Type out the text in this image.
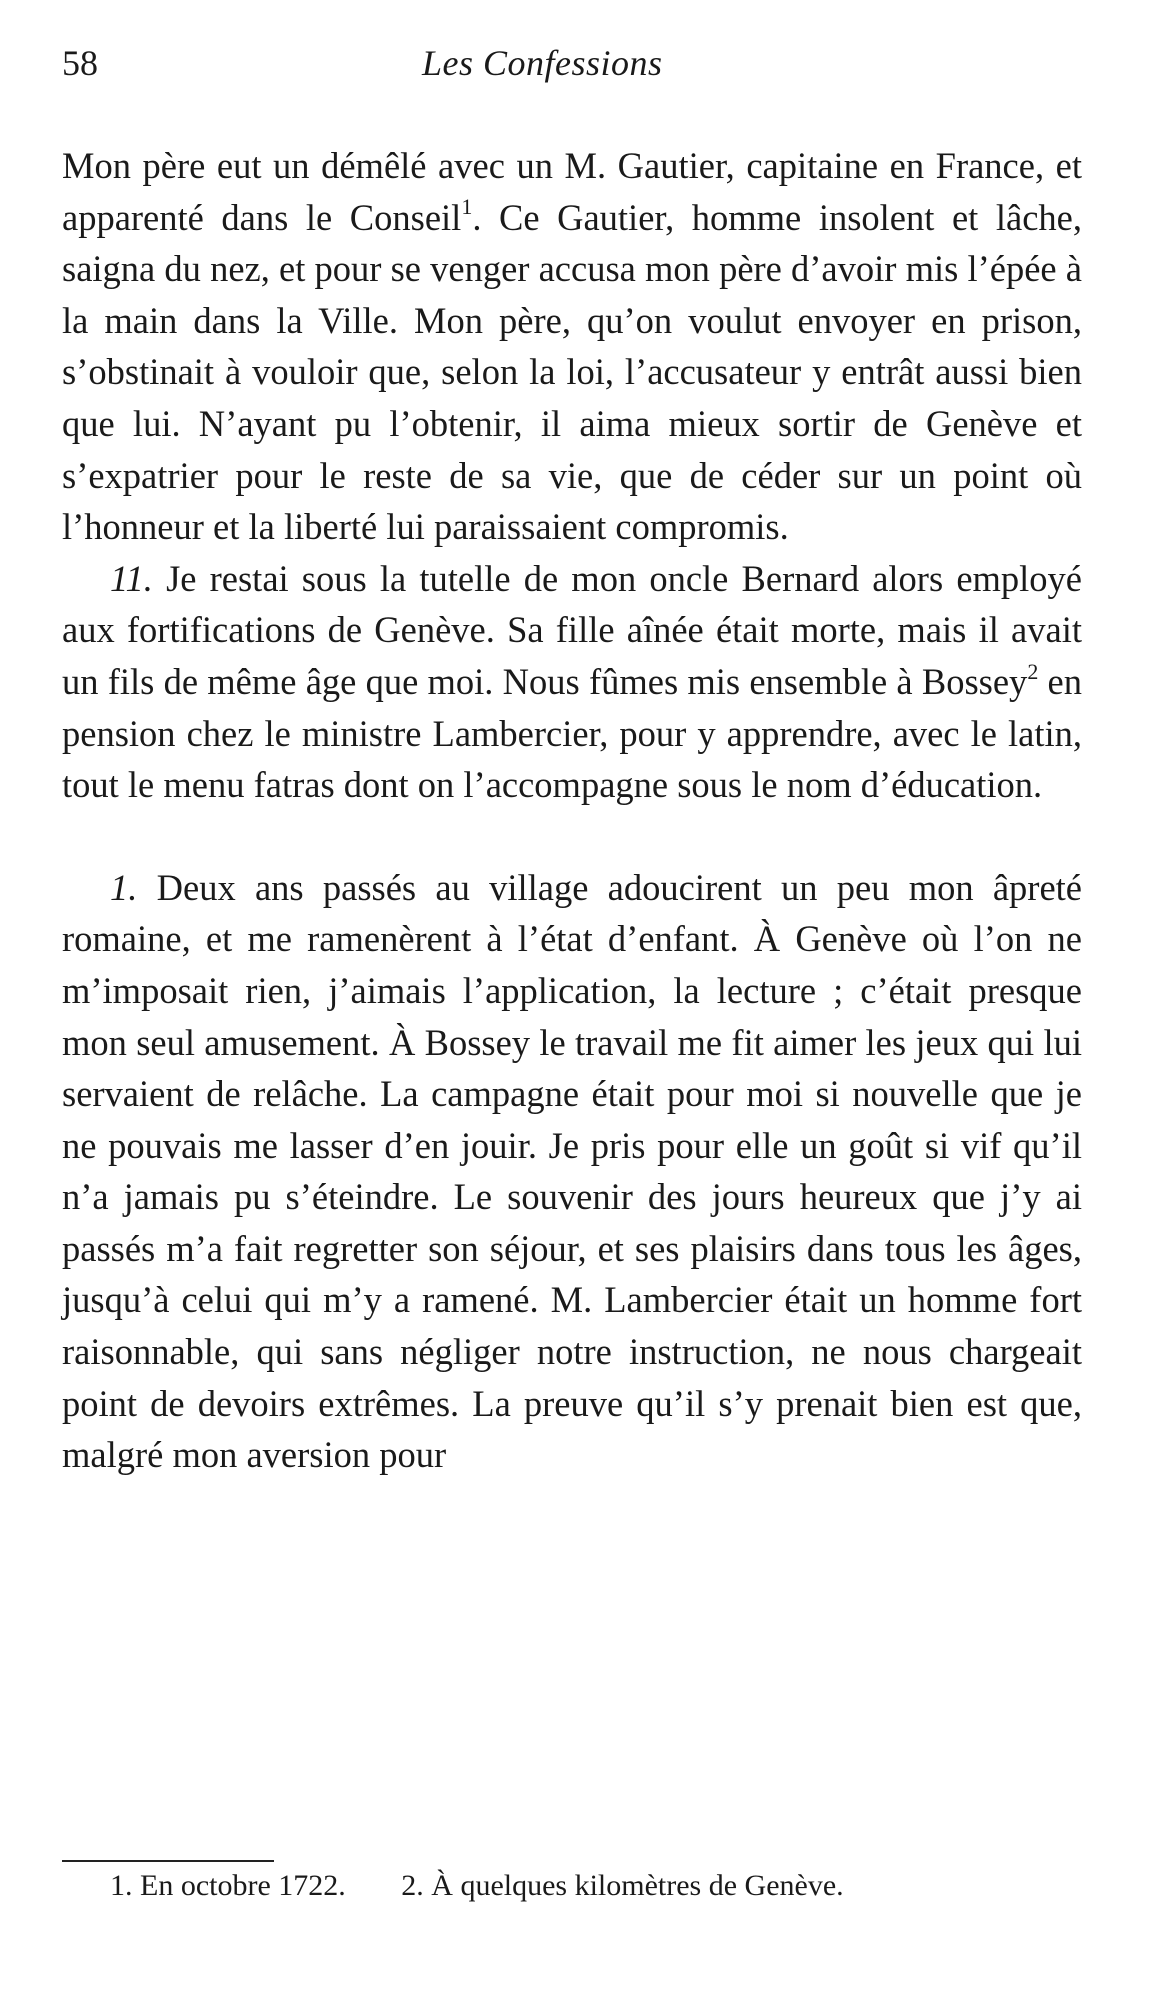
58	Les Confessions

Mon père eut un démêlé avec un M. Gautier, capitaine en France, et apparenté dans le Conseil$^1$. Ce Gautier, homme insolent et lâche, saigna du nez, et pour se venger accusa mon père d’avoir mis l’épée à la main dans la Ville. Mon père, qu’on voulut envoyer en prison, s’obstinait à vouloir que, selon la loi, l’accusateur y entrât aussi bien que lui. N’ayant pu l’obtenir, il aima mieux sortir de Genève et s’expatrier pour le reste de sa vie, que de céder sur un point où l’honneur et la liberté lui paraissaient compromis.

11. Je restai sous la tutelle de mon oncle Bernard alors employé aux fortifications de Genève. Sa fille aînée était morte, mais il avait un fils de même âge que moi. Nous fûmes mis ensemble à Bossey$^2$ en pension chez le ministre Lambercier, pour y apprendre, avec le latin, tout le menu fatras dont on l’accompagne sous le nom d’éducation.

1. Deux ans passés au village adoucirent un peu mon âpreté romaine, et me ramenèrent à l’état d’enfant. À Genève où l’on ne m’imposait rien, j’aimais l’application, la lecture ; c’était presque mon seul amusement. À Bossey le travail me fit aimer les jeux qui lui servaient de relâche. La campagne était pour moi si nouvelle que je ne pouvais me lasser d’en jouir. Je pris pour elle un goût si vif qu’il n’a jamais pu s’éteindre. Le souvenir des jours heureux que j’y ai passés m’a fait regretter son séjour, et ses plaisirs dans tous les âges, jusqu’à celui qui m’y a ramené. M. Lambercier était un homme fort raisonnable, qui sans négliger notre instruction, ne nous chargeait point de devoirs extrêmes. La preuve qu’il s’y prenait bien est que, malgré mon aversion pour

1. En octobre 1722. 2. À quelques kilomètres de Genève.
